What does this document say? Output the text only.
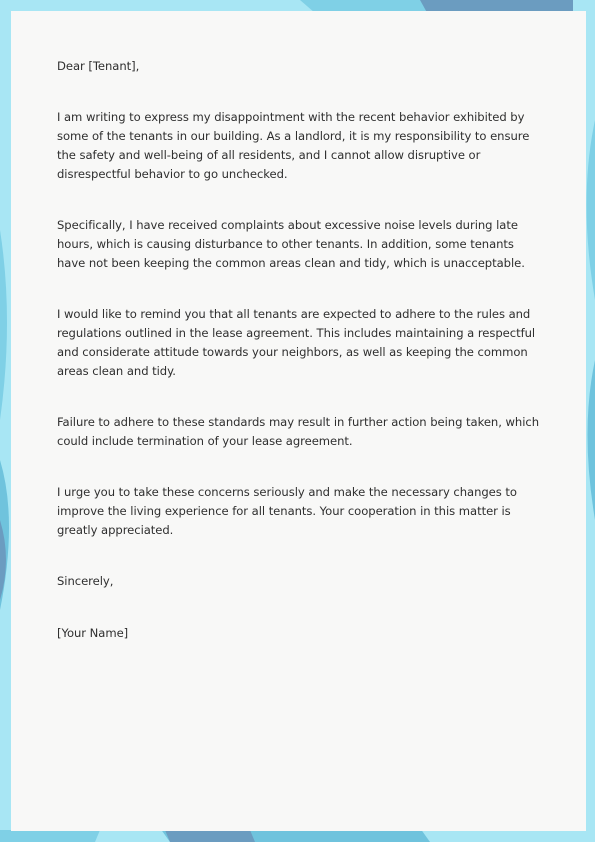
Dear [Tenant],

I am writing to express my disappointment with the recent behavior exhibited by some of the tenants in our building. As a landlord, it is my responsibility to ensure the safety and well-being of all residents, and I cannot allow disruptive or disrespectful behavior to go unchecked.

Specifically, I have received complaints about excessive noise levels during late hours, which is causing disturbance to other tenants. In addition, some tenants have not been keeping the common areas clean and tidy, which is unacceptable.

I would like to remind you that all tenants are expected to adhere to the rules and regulations outlined in the lease agreement. This includes maintaining a respectful and considerate attitude towards your neighbors, as well as keeping the common areas clean and tidy.

Failure to adhere to these standards may result in further action being taken, which could include termination of your lease agreement.

I urge you to take these concerns seriously and make the necessary changes to improve the living experience for all tenants. Your cooperation in this matter is greatly appreciated.

Sincerely,

[Your Name]
